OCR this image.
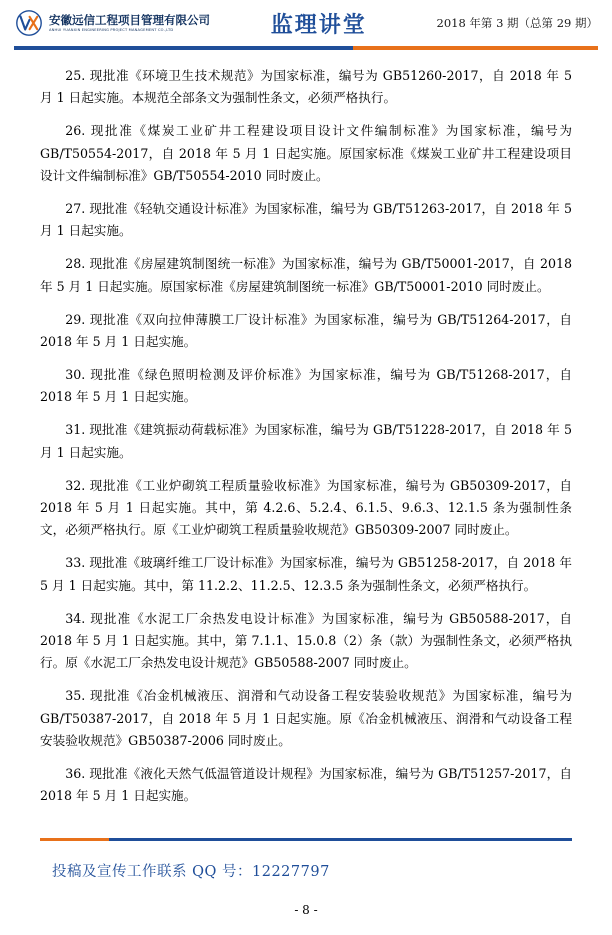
安徽远信工程项目管理有限公司
ANHUI YUANXIN ENGINEERING PROJECT MANAGEMENT CO.,LTD	监理讲堂	2018 年第 3 期（总第 29 期）

25. 现批准《环境卫生技术规范》为国家标准，编号为 GB51260-2017，自 2018 年 5 月 1 日起实施。本规范全部条文为强制性条文，必须严格执行。

26. 现批准《煤炭工业矿井工程建设项目设计文件编制标准》为国家标准，编号为 GB/T50554-2017，自 2018 年 5 月 1 日起实施。原国家标准《煤炭工业矿井工程建设项目设计文件编制标准》GB/T50554-2010 同时废止。

27. 现批准《轻轨交通设计标准》为国家标准，编号为 GB/T51263-2017，自 2018 年 5 月 1 日起实施。

28. 现批准《房屋建筑制图统一标准》为国家标准，编号为 GB/T50001-2017，自 2018 年 5 月 1 日起实施。原国家标准《房屋建筑制图统一标准》GB/T50001-2010 同时废止。

29. 现批准《双向拉伸薄膜工厂设计标准》为国家标准，编号为 GB/T51264-2017，自 2018 年 5 月 1 日起实施。

30. 现批准《绿色照明检测及评价标准》为国家标准，编号为 GB/T51268-2017，自 2018 年 5 月 1 日起实施。

31. 现批准《建筑振动荷载标准》为国家标准，编号为 GB/T51228-2017，自 2018 年 5 月 1 日起实施。

32. 现批准《工业炉砌筑工程质量验收标准》为国家标准，编号为 GB50309-2017，自 2018 年 5 月 1 日起实施。其中，第 4.2.6、5.2.4、6.1.5、9.6.3、12.1.5 条为强制性条文，必须严格执行。原《工业炉砌筑工程质量验收规范》GB50309-2007 同时废止。

33. 现批准《玻璃纤维工厂设计标准》为国家标准，编号为 GB51258-2017，自 2018 年 5 月 1 日起实施。其中，第 11.2.2、11.2.5、12.3.5 条为强制性条文，必须严格执行。

34. 现批准《水泥工厂余热发电设计标准》为国家标准，编号为 GB50588-2017，自 2018 年 5 月 1 日起实施。其中，第 7.1.1、15.0.8（2）条（款）为强制性条文，必须严格执行。原《水泥工厂余热发电设计规范》GB50588-2007 同时废止。

35. 现批准《冶金机械液压、润滑和气动设备工程安装验收规范》为国家标准，编号为 GB/T50387-2017，自 2018 年 5 月 1 日起实施。原《冶金机械液压、润滑和气动设备工程安装验收规范》GB50387-2006 同时废止。

36. 现批准《液化天然气低温管道设计规程》为国家标准，编号为 GB/T51257-2017，自 2018 年 5 月 1 日起实施。

投稿及宣传工作联系 QQ 号：12227797
- 8 -
